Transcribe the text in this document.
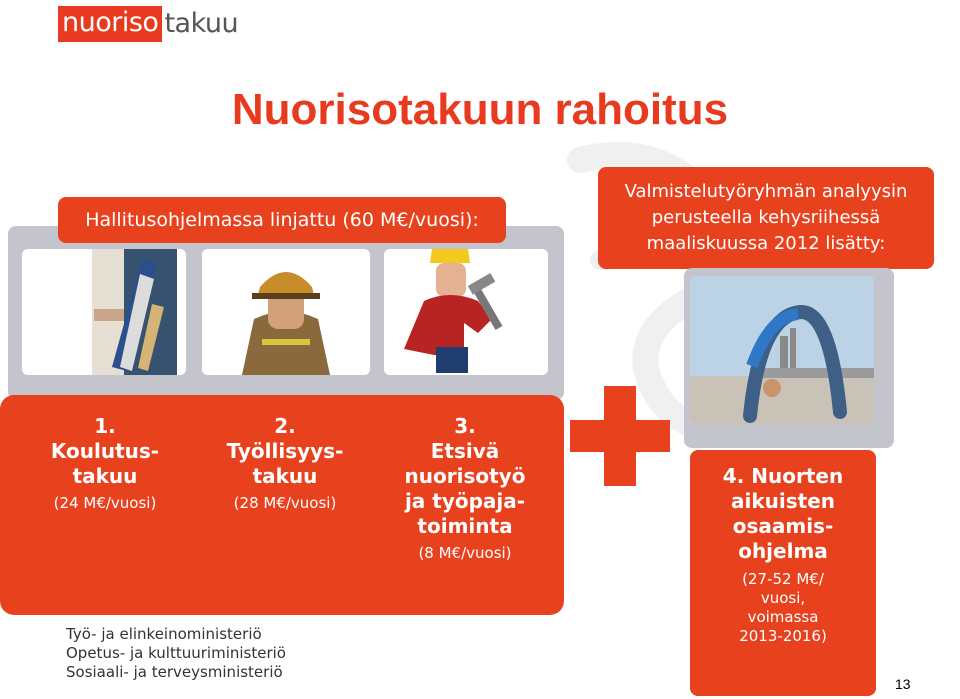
nuoriso takuu
Nuorisotakuun rahoitus
Hallitusohjelmassa linjattu (60 M€/vuosi):
Valmistelutyöryhmän analyysin perusteella kehysriihessä maaliskuussa 2012 lisätty:
1.
Koulutus-
takuu
(24 M€/vuosi)
2.
Työllisyys-
takuu
(28 M€/vuosi)
3.
Etsivä
nuorisotyö
ja työpaja-
toiminta
(8 M€/vuosi)
4. Nuorten
aikuisten
osaamis-
ohjelma
(27-52 M€/
vuosi,
voimassa
2013-2016)
Työ- ja elinkeinoministeriö
Opetus- ja kulttuuriministeriö
Sosiaali- ja terveysministeriö
13
